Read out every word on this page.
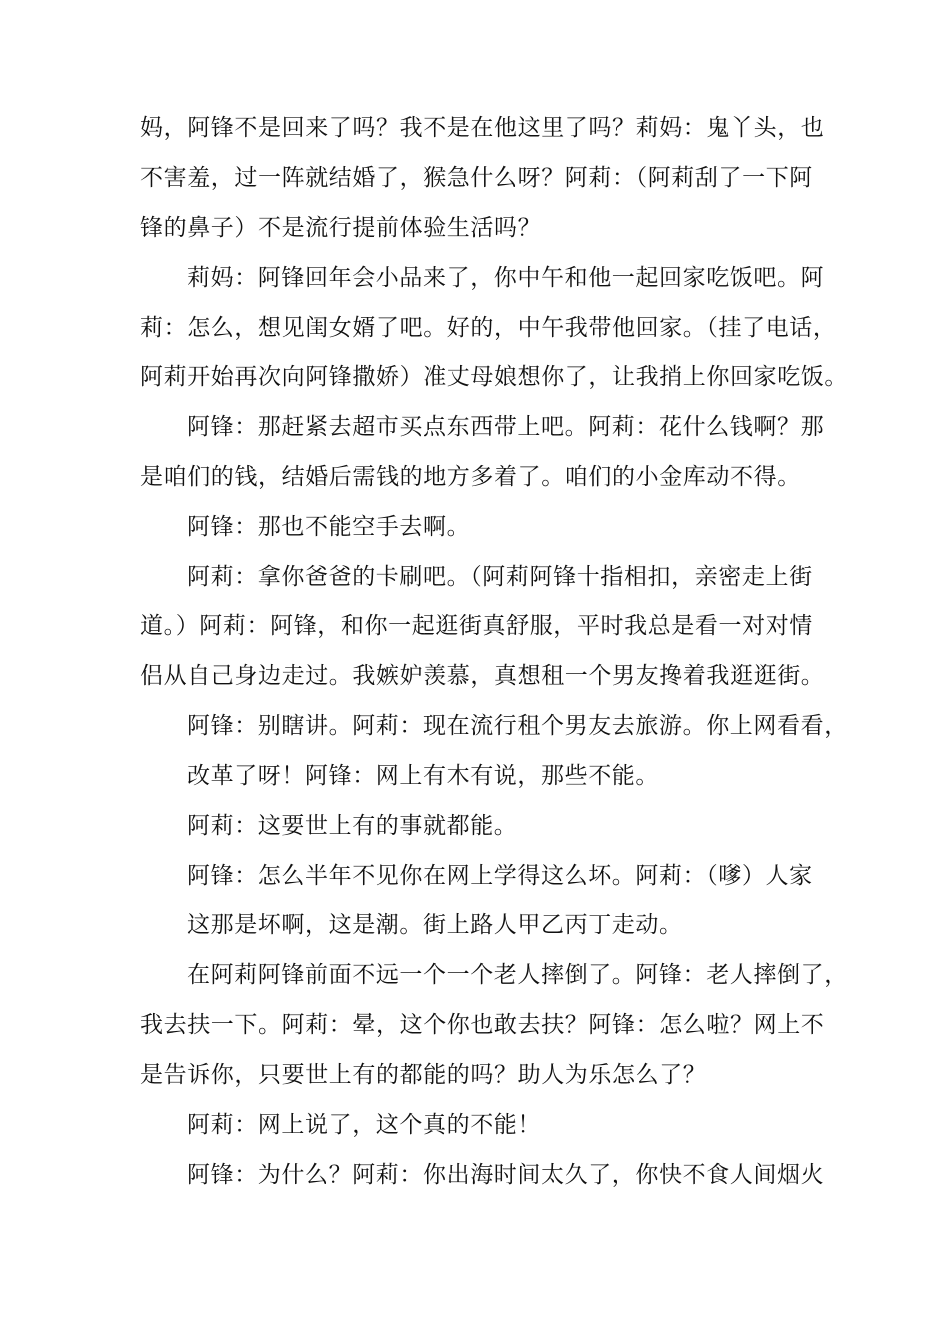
妈，阿锋不是回来了吗？我不是在他这里了吗？莉妈：鬼丫头，也
不害羞，过一阵就结婚了，猴急什么呀？阿莉：（阿莉刮了一下阿
锋的鼻子）不是流行提前体验生活吗？
莉妈：阿锋回年会小品来了，你中午和他一起回家吃饭吧。阿
莉：怎么，想见闺女婿了吧。好的，中午我带他回家。（挂了电话，
阿莉开始再次向阿锋撒娇）准丈母娘想你了，让我捎上你回家吃饭。
阿锋：那赶紧去超市买点东西带上吧。阿莉：花什么钱啊？那
是咱们的钱，结婚后需钱的地方多着了。咱们的小金库动不得。
阿锋：那也不能空手去啊。
阿莉：拿你爸爸的卡刷吧。（阿莉阿锋十指相扣，亲密走上街
道。）阿莉：阿锋，和你一起逛街真舒服，平时我总是看一对对情
侣从自己身边走过。我嫉妒羡慕，真想租一个男友搀着我逛逛街。
阿锋：别瞎讲。阿莉：现在流行租个男友去旅游。你上网看看，
改革了呀！阿锋：网上有木有说，那些不能。
阿莉：这要世上有的事就都能。
阿锋：怎么半年不见你在网上学得这么坏。阿莉：（嗲）人家
这那是坏啊，这是潮。街上路人甲乙丙丁走动。
在阿莉阿锋前面不远一个一个老人摔倒了。阿锋：老人摔倒了，
我去扶一下。阿莉：晕，这个你也敢去扶？阿锋：怎么啦？网上不
是告诉你，只要世上有的都能的吗？助人为乐怎么了？
阿莉：网上说了，这个真的不能！
阿锋：为什么？阿莉：你出海时间太久了，你快不食人间烟火
